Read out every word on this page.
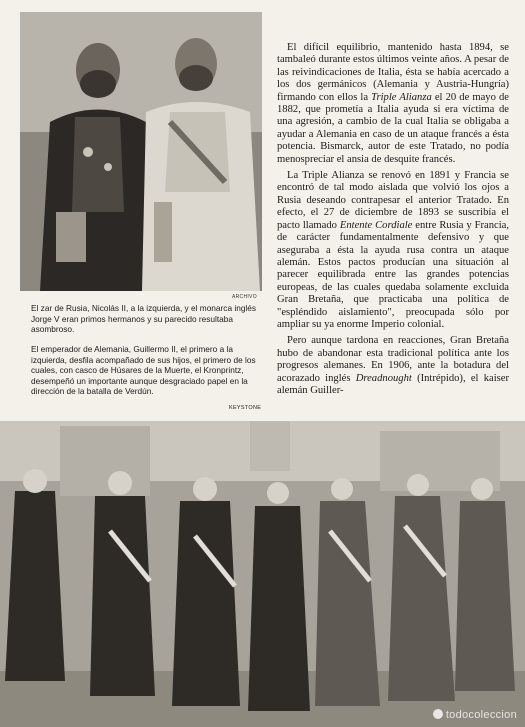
ARCHIVO

El zar de Rusia, Nicolás II, a la izquierda, y el monarca inglés Jorge V eran primos hermanos y su parecido resultaba asombroso.

El emperador de Alemania, Guillermo II, el primero a la izquierda, desfila acompañado de sus hijos, el primero de los cuales, con casco de Húsares de la Muerte, el Kronprintz, desempeñó un importante aunque desgraciado papel en la dirección de la batalla de Verdún.

KEYSTONE

El difícil equilibrio, mantenido hasta 1894, se tambaleó durante estos últimos veinte años. A pesar de las reivindicaciones de Italia, ésta se había acercado a los dos germánicos (Alemania y Austria-Hungría) firmando con ellos la Triple Alianza el 20 de mayo de 1882, que prometía a Italia ayuda si era víctima de una agresión, a cambio de la cual Italia se obligaba a ayudar a Alemania en caso de un ataque francés a ésta potencia. Bismarck, autor de este Tratado, no podía menospreciar el ansia de desquite francés.

La Triple Alianza se renovó en 1891 y Francia se encontró de tal modo aislada que volvió los ojos a Rusia deseando contrapesar el anterior Tratado. En efecto, el 27 de diciembre de 1893 se suscribía el pacto llamado Entente Cordiale entre Rusia y Francia, de carácter fundamentalmente defensivo y que aseguraba a ésta la ayuda rusa contra un ataque alemán. Estos pactos producían una situación al parecer equilibrada entre las grandes potencias europeas, de las cuales quedaba solamente excluida Gran Bretaña, que practicaba una política de "espléndido aislamiento", preocupada sólo por ampliar su ya enorme Imperio colonial.

Pero aunque tardona en reacciones, Gran Bretaña hubo de abandonar esta tradicional política ante los progresos alemanes. En 1906, ante la botadura del acorazado inglés Dreadnought (Intrépido), el kaiser alemán Guiller-

todocoleccion
